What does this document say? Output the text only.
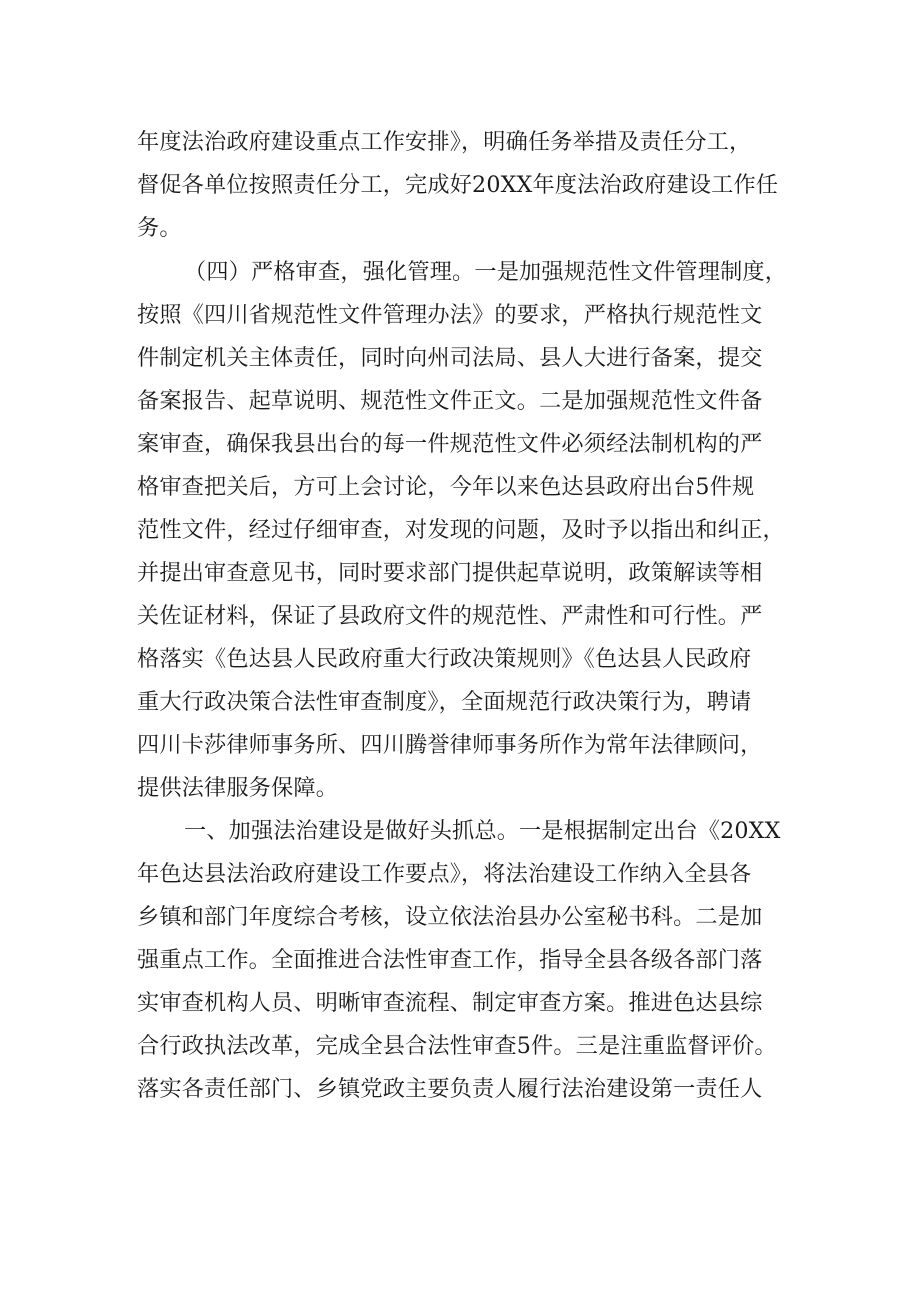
年度法治政府建设重点工作安排》，明确任务举措及责任分工，
督促各单位按照责任分工，完成好20XX年度法治政府建设工作任
务。
（四）严格审查，强化管理。一是加强规范性文件管理制度，
按照《四川省规范性文件管理办法》的要求，严格执行规范性文
件制定机关主体责任，同时向州司法局、县人大进行备案，提交
备案报告、起草说明、规范性文件正文。二是加强规范性文件备
案审查，确保我县出台的每一件规范性文件必须经法制机构的严
格审查把关后，方可上会讨论，今年以来色达县政府出台5件规
范性文件，经过仔细审查，对发现的问题，及时予以指出和纠正，
并提出审查意见书，同时要求部门提供起草说明，政策解读等相
关佐证材料，保证了县政府文件的规范性、严肃性和可行性。严
格落实《色达县人民政府重大行政决策规则》《色达县人民政府
重大行政决策合法性审查制度》，全面规范行政决策行为，聘请
四川卡莎律师事务所、四川腾誉律师事务所作为常年法律顾问，
提供法律服务保障。
一、加强法治建设是做好头抓总。一是根据制定出台《20XX
年色达县法治政府建设工作要点》，将法治建设工作纳入全县各
乡镇和部门年度综合考核，设立依法治县办公室秘书科。二是加
强重点工作。全面推进合法性审查工作，指导全县各级各部门落
实审查机构人员、明晰审查流程、制定审查方案。推进色达县综
合行政执法改革，完成全县合法性审查5件。三是注重监督评价。
落实各责任部门、乡镇党政主要负责人履行法治建设第一责任人
